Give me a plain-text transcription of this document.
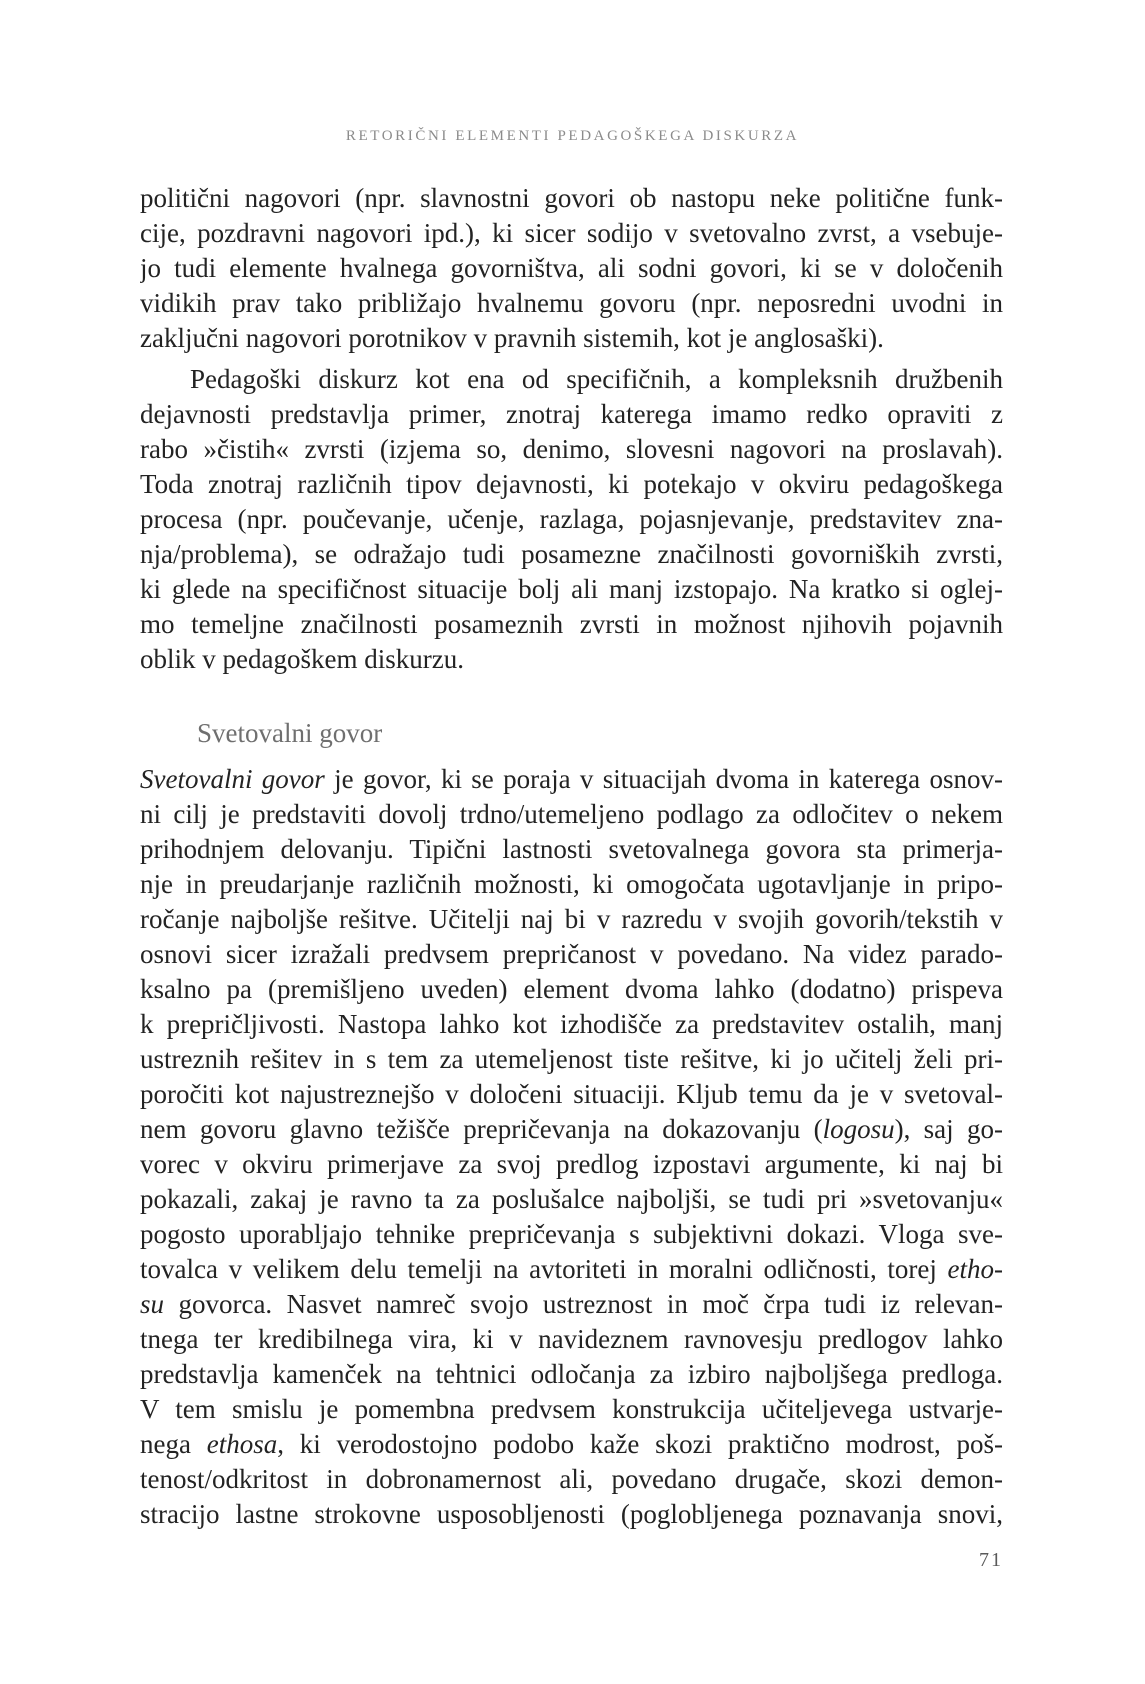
RETORIČNI ELEMENTI PEDAGOŠKEGA DISKURZA
politični nagovori (npr. slavnostni govori ob nastopu neke politične funk-
cije, pozdravni nagovori ipd.), ki sicer sodijo v svetovalno zvrst, a vsebuje-
jo tudi elemente hvalnega govorništva, ali sodni govori, ki se v določenih
vidikih prav tako približajo hvalnemu govoru (npr. neposredni uvodni in
zaključni nagovori porotnikov v pravnih sistemih, kot je anglosaški).
Pedagoški diskurz kot ena od specifičnih, a kompleksnih družbenih
dejavnosti predstavlja primer, znotraj katerega imamo redko opraviti z
rabo »čistih« zvrsti (izjema so, denimo, slovesni nagovori na proslavah).
Toda znotraj različnih tipov dejavnosti, ki potekajo v okviru pedagoškega
procesa (npr. poučevanje, učenje, razlaga, pojasnjevanje, predstavitev zna-
nja/problema), se odražajo tudi posamezne značilnosti govorniških zvrsti,
ki glede na specifičnost situacije bolj ali manj izstopajo. Na kratko si oglej-
mo temeljne značilnosti posameznih zvrsti in možnost njihovih pojavnih
oblik v pedagoškem diskurzu.
Svetovalni govor
Svetovalni govor je govor, ki se poraja v situacijah dvoma in katerega osnov-
ni cilj je predstaviti dovolj trdno/utemeljeno podlago za odločitev o nekem
prihodnjem delovanju. Tipični lastnosti svetovalnega govora sta primerja-
nje in preudarjanje različnih možnosti, ki omogočata ugotavljanje in pripo-
ročanje najboljše rešitve. Učitelji naj bi v razredu v svojih govorih/tekstih v
osnovi sicer izražali predvsem prepričanost v povedano. Na videz parado-
ksalno pa (premišljeno uveden) element dvoma lahko (dodatno) prispeva
k prepričljivosti. Nastopa lahko kot izhodišče za predstavitev ostalih, manj
ustreznih rešitev in s tem za utemeljenost tiste rešitve, ki jo učitelj želi pri-
poročiti kot najustreznejšo v določeni situaciji. Kljub temu da je v svetoval-
nem govoru glavno težišče prepričevanja na dokazovanju (logosu), saj go-
vorec v okviru primerjave za svoj predlog izpostavi argumente, ki naj bi
pokazali, zakaj je ravno ta za poslušalce najboljši, se tudi pri »svetovanju«
pogosto uporabljajo tehnike prepričevanja s subjektivni dokazi. Vloga sve-
tovalca v velikem delu temelji na avtoriteti in moralni odličnosti, torej etho-
su govorca. Nasvet namreč svojo ustreznost in moč črpa tudi iz relevan-
tnega ter kredibilnega vira, ki v navideznem ravnovesju predlogov lahko
predstavlja kamenček na tehtnici odločanja za izbiro najboljšega predloga.
V tem smislu je pomembna predvsem konstrukcija učiteljevega ustvarje-
nega ethosa, ki verodostojno podobo kaže skozi praktično modrost, poš-
tenost/odkritost in dobronamernost ali, povedano drugače, skozi demon-
stracijo lastne strokovne usposobljenosti (poglobljenega poznavanja snovi,
71
